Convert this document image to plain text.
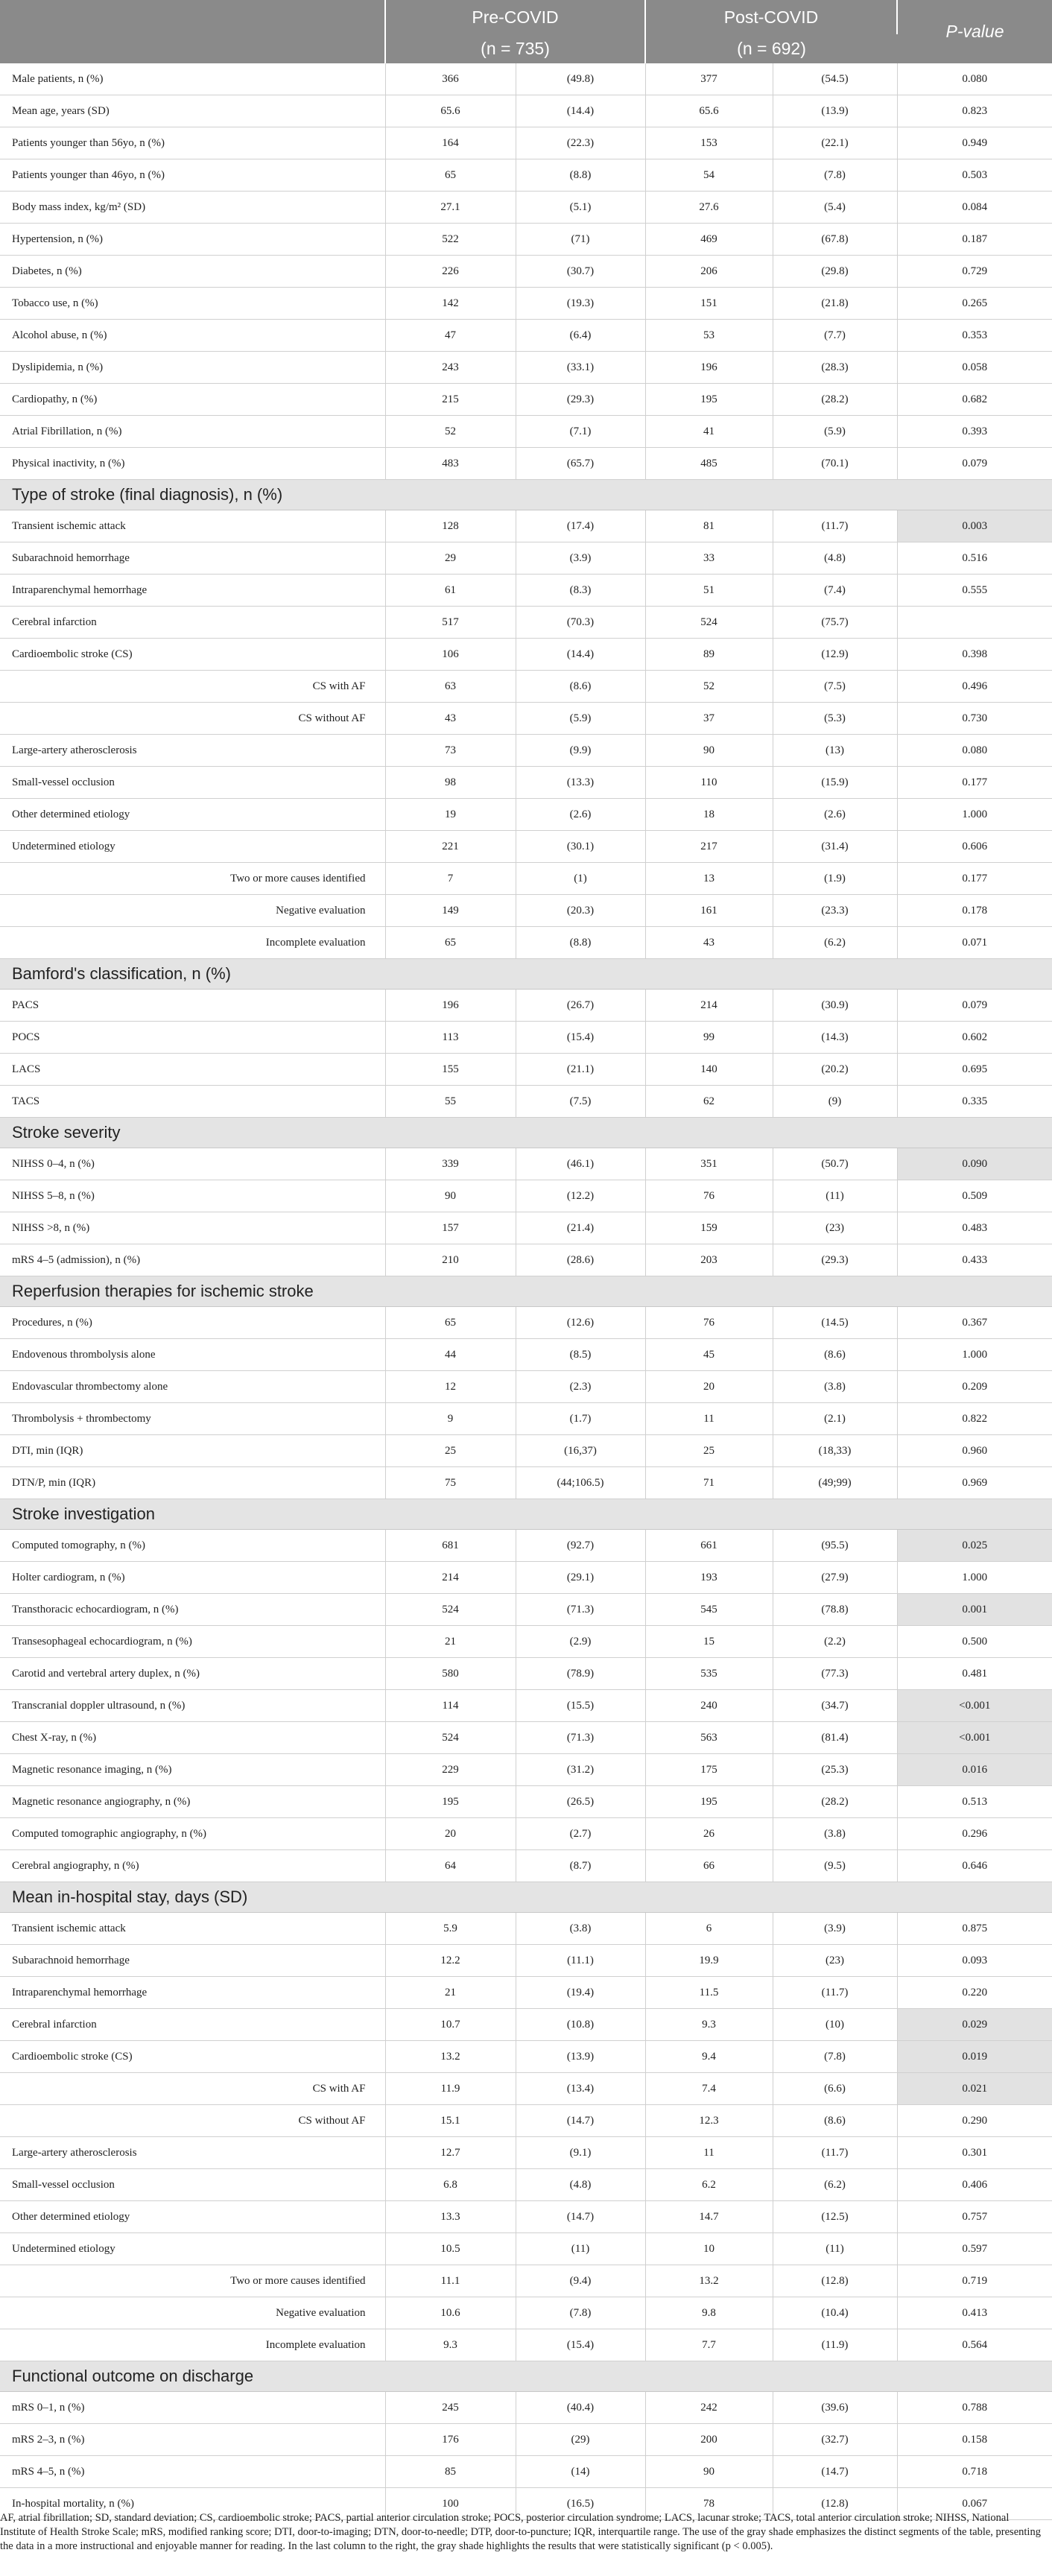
	Pre-COVID		Post-COVID		P-value
	(n = 735)		(n = 692)		
Male patients, n (%)	366	(49.8)	377	(54.5)	0.080
Mean age, years (SD)	65.6	(14.4)	65.6	(13.9)	0.823
Patients younger than 56yo, n (%)	164	(22.3)	153	(22.1)	0.949
Patients younger than 46yo, n (%)	65	(8.8)	54	(7.8)	0.503
Body mass index, kg/m² (SD)	27.1	(5.1)	27.6	(5.4)	0.084
Hypertension, n (%)	522	(71)	469	(67.8)	0.187
Diabetes, n (%)	226	(30.7)	206	(29.8)	0.729
Tobacco use, n (%)	142	(19.3)	151	(21.8)	0.265
Alcohol abuse, n (%)	47	(6.4)	53	(7.7)	0.353
Dyslipidemia, n (%)	243	(33.1)	196	(28.3)	0.058
Cardiopathy, n (%)	215	(29.3)	195	(28.2)	0.682
Atrial Fibrillation, n (%)	52	(7.1)	41	(5.9)	0.393
Physical inactivity, n (%)	483	(65.7)	485	(70.1)	0.079
Type of stroke (final diagnosis), n (%)					
Transient ischemic attack	128	(17.4)	81	(11.7)	0.003
Subarachnoid hemorrhage	29	(3.9)	33	(4.8)	0.516
Intraparenchymal hemorrhage	61	(8.3)	51	(7.4)	0.555
Cerebral infarction	517	(70.3)	524	(75.7)	
Cardioembolic stroke (CS)	106	(14.4)	89	(12.9)	0.398
CS with AF	63	(8.6)	52	(7.5)	0.496
CS without AF	43	(5.9)	37	(5.3)	0.730
Large-artery atherosclerosis	73	(9.9)	90	(13)	0.080
Small-vessel occlusion	98	(13.3)	110	(15.9)	0.177
Other determined etiology	19	(2.6)	18	(2.6)	1.000
Undetermined etiology	221	(30.1)	217	(31.4)	0.606
Two or more causes identified	7	(1)	13	(1.9)	0.177
Negative evaluation	149	(20.3)	161	(23.3)	0.178
Incomplete evaluation	65	(8.8)	43	(6.2)	0.071
Bamford's classification, n (%)					
PACS	196	(26.7)	214	(30.9)	0.079
POCS	113	(15.4)	99	(14.3)	0.602
LACS	155	(21.1)	140	(20.2)	0.695
TACS	55	(7.5)	62	(9)	0.335
Stroke severity					
NIHSS 0–4, n (%)	339	(46.1)	351	(50.7)	0.090
NIHSS 5–8, n (%)	90	(12.2)	76	(11)	0.509
NIHSS >8, n (%)	157	(21.4)	159	(23)	0.483
mRS 4–5 (admission), n (%)	210	(28.6)	203	(29.3)	0.433
Reperfusion therapies for ischemic stroke					
Procedures, n (%)	65	(12.6)	76	(14.5)	0.367
Endovenous thrombolysis alone	44	(8.5)	45	(8.6)	1.000
Endovascular thrombectomy alone	12	(2.3)	20	(3.8)	0.209
Thrombolysis + thrombectomy	9	(1.7)	11	(2.1)	0.822
DTI, min (IQR)	25	(16,37)	25	(18,33)	0.960
DTN/P, min (IQR)	75	(44;106.5)	71	(49;99)	0.969
Stroke investigation					
Computed tomography, n (%)	681	(92.7)	661	(95.5)	0.025
Holter cardiogram, n (%)	214	(29.1)	193	(27.9)	1.000
Transthoracic echocardiogram, n (%)	524	(71.3)	545	(78.8)	0.001
Transesophageal echocardiogram, n (%)	21	(2.9)	15	(2.2)	0.500
Carotid and vertebral artery duplex, n (%)	580	(78.9)	535	(77.3)	0.481
Transcranial doppler ultrasound, n (%)	114	(15.5)	240	(34.7)	<0.001
Chest X-ray, n (%)	524	(71.3)	563	(81.4)	<0.001
Magnetic resonance imaging, n (%)	229	(31.2)	175	(25.3)	0.016
Magnetic resonance angiography, n (%)	195	(26.5)	195	(28.2)	0.513
Computed tomographic angiography, n (%)	20	(2.7)	26	(3.8)	0.296
Cerebral angiography, n (%)	64	(8.7)	66	(9.5)	0.646
Mean in-hospital stay, days (SD)					
Transient ischemic attack	5.9	(3.8)	6	(3.9)	0.875
Subarachnoid hemorrhage	12.2	(11.1)	19.9	(23)	0.093
Intraparenchymal hemorrhage	21	(19.4)	11.5	(11.7)	0.220
Cerebral infarction	10.7	(10.8)	9.3	(10)	0.029
Cardioembolic stroke (CS)	13.2	(13.9)	9.4	(7.8)	0.019
CS with AF	11.9	(13.4)	7.4	(6.6)	0.021
CS without AF	15.1	(14.7)	12.3	(8.6)	0.290
Large-artery atherosclerosis	12.7	(9.1)	11	(11.7)	0.301
Small-vessel occlusion	6.8	(4.8)	6.2	(6.2)	0.406
Other determined etiology	13.3	(14.7)	14.7	(12.5)	0.757
Undetermined etiology	10.5	(11)	10	(11)	0.597
Two or more causes identified	11.1	(9.4)	13.2	(12.8)	0.719
Negative evaluation	10.6	(7.8)	9.8	(10.4)	0.413
Incomplete evaluation	9.3	(15.4)	7.7	(11.9)	0.564
Functional outcome on discharge					
mRS 0–1, n (%)	245	(40.4)	242	(39.6)	0.788
mRS 2–3, n (%)	176	(29)	200	(32.7)	0.158
mRS 4–5, n (%)	85	(14)	90	(14.7)	0.718
In-hospital mortality, n (%)	100	(16.5)	78	(12.8)	0.067
AF, atrial fibrillation; SD, standard deviation; CS, cardioembolic stroke; PACS, partial anterior circulation stroke; POCS, posterior circulation syndrome; LACS, lacunar stroke; TACS, total anterior circulation stroke; NIHSS, National Institute of Health Stroke Scale; mRS, modified ranking score; DTI, door-to-imaging; DTN, door-to-needle; DTP, door-to-puncture; IQR, interquartile range. The use of the gray shade emphasizes the distinct segments of the table, presenting the data in a more instructional and enjoyable manner for reading. In the last column to the right, the gray shade highlights the results that were statistically significant (p < 0.005).
